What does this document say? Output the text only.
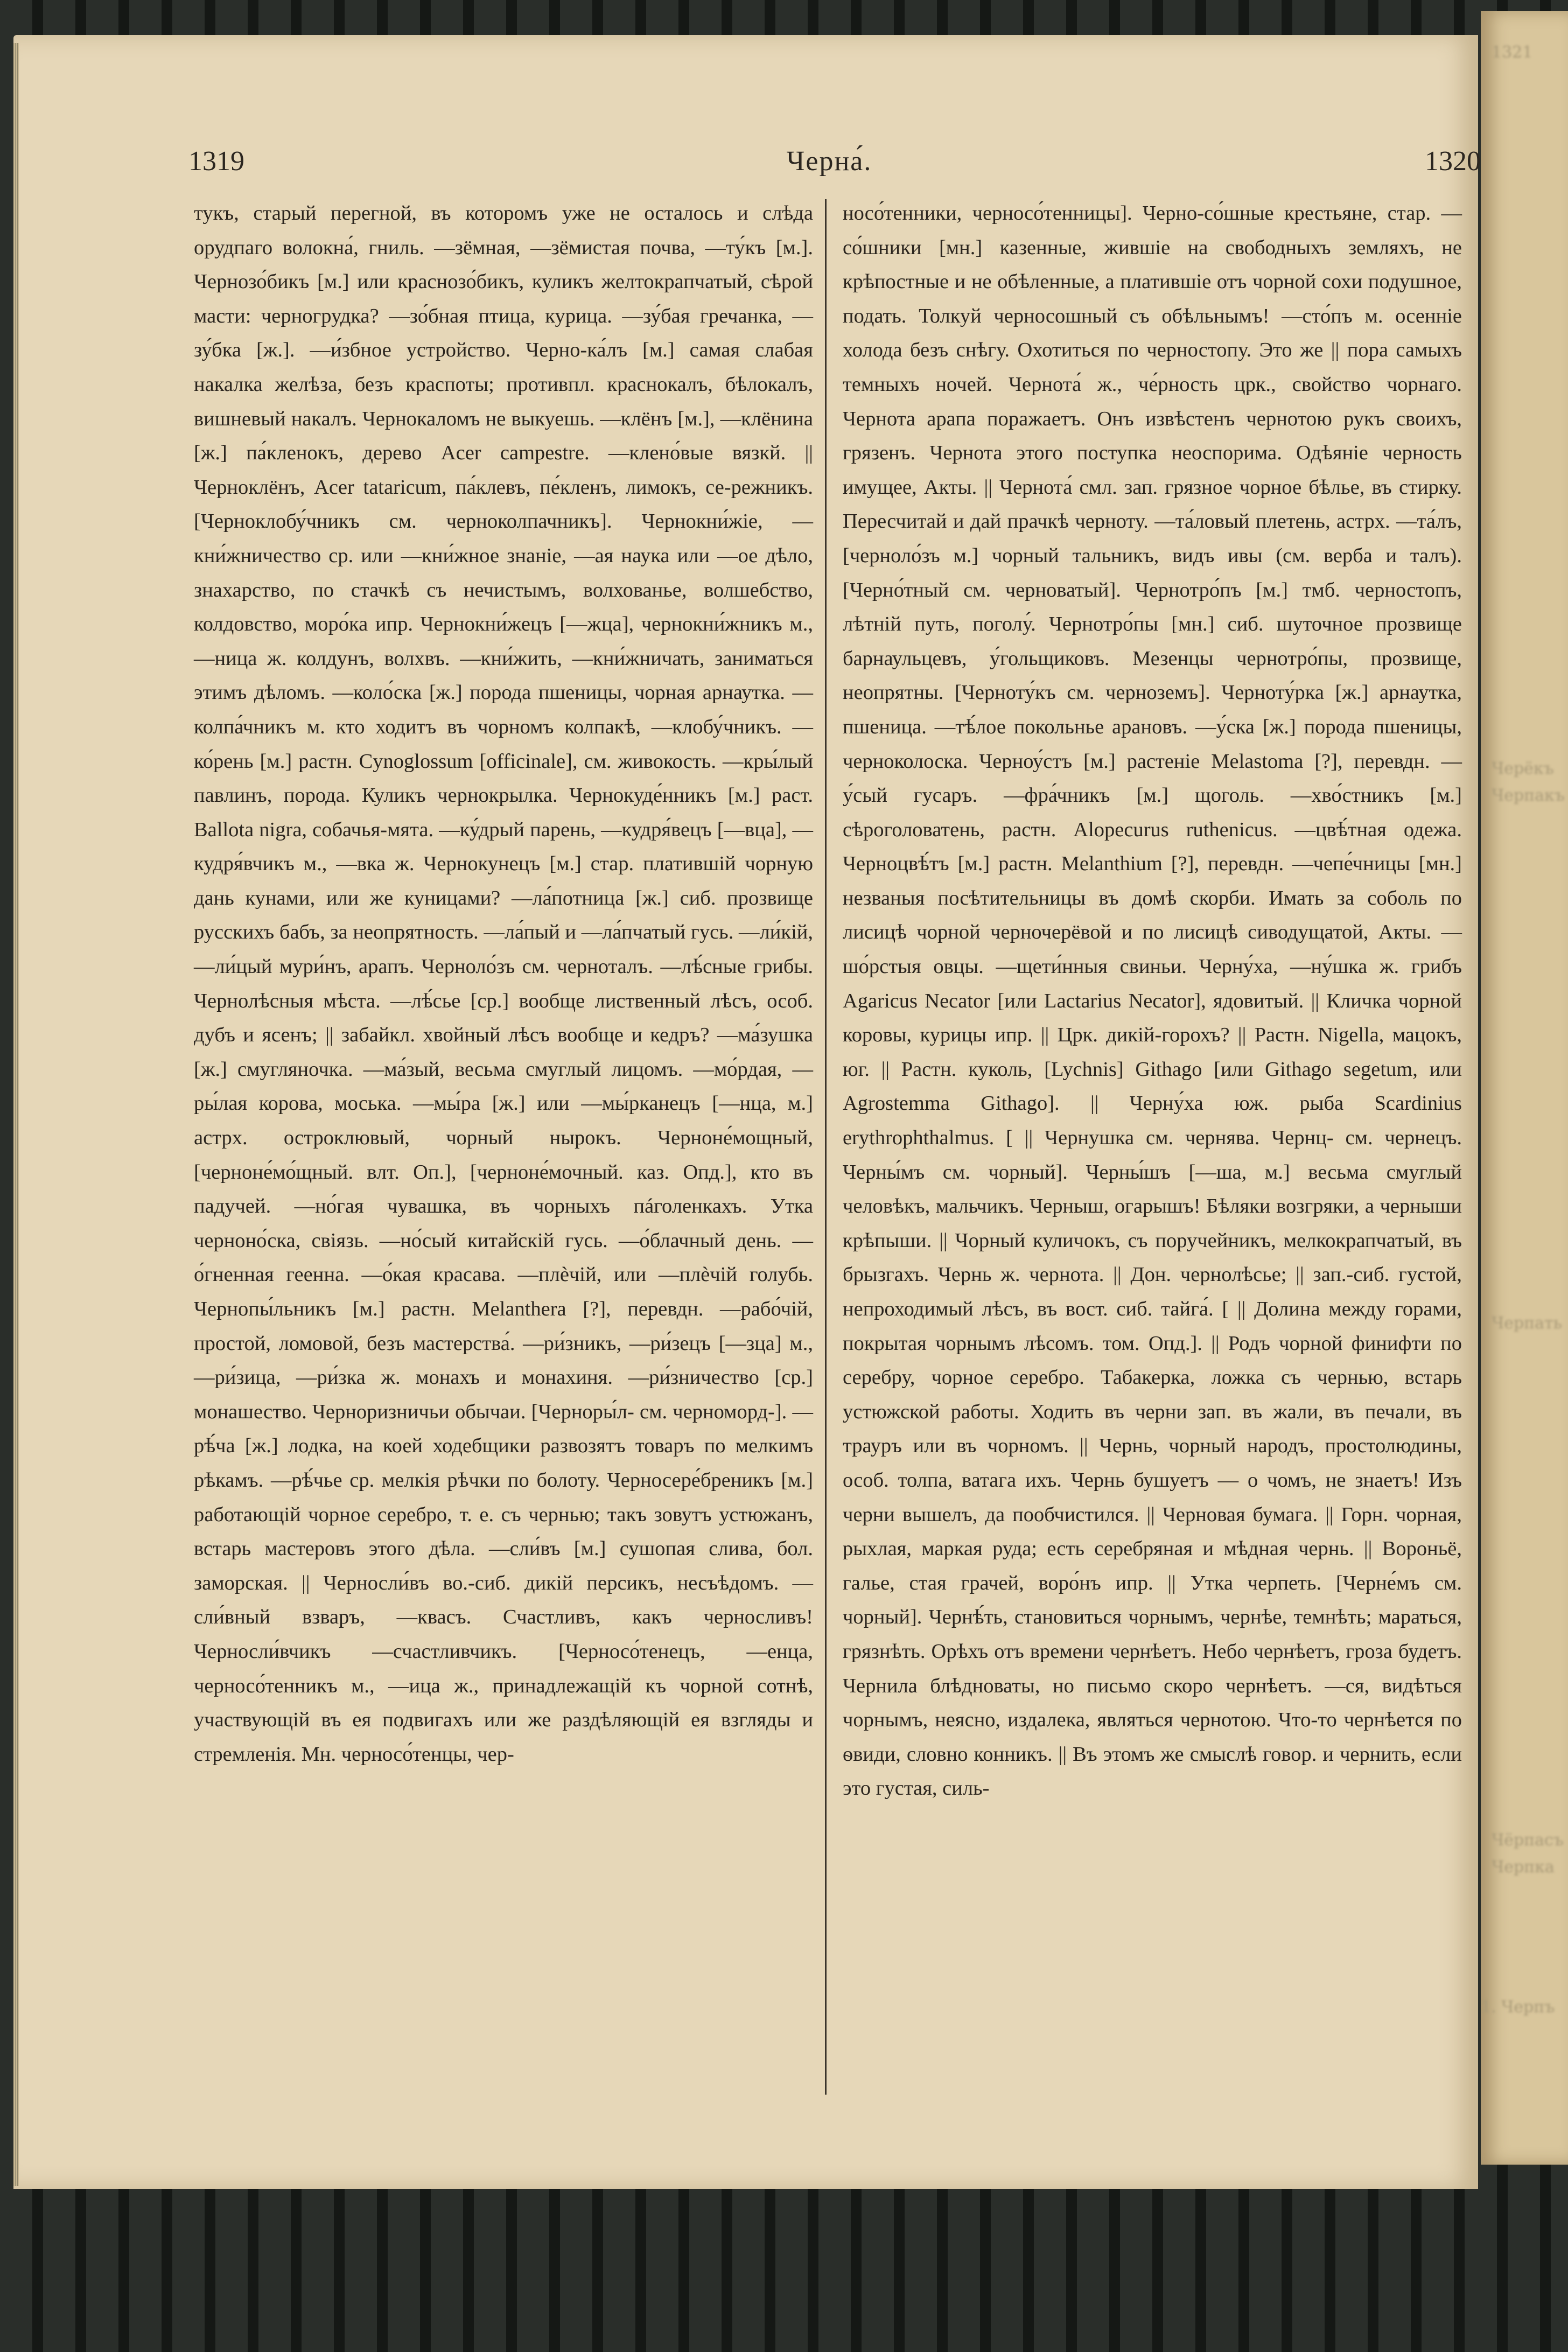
1321
Черёкъ
Черпакъ
Черпать
Чёрпасъ
Черпка
1. Черпъ
1319	Черна́.	1320

тукъ, старый перегной, въ которомъ уже не осталось и слѣда орудпаго волокна́, гниль. —зёмная, —зёмистая почва, —ту́къ [м.]. Чернозо́бикъ [м.] или краснозо́бикъ, куликъ желтокрапчатый, сѣрой масти: черногрудка? —зо́бная птица, курица. —зу́бая гречанка, —зу́бка [ж.]. —и́збное устройство. Черно-ка́лъ [м.] самая слабая накалка желѣза, безъ краспоты; противпл. краснокалъ, бѣлокалъ, вишневый накалъ. Чернокаломъ не выкуешь. —клёнъ [м.], —клёнина [ж.] па́кленокъ, дерево Acer campestre. —клено́вые вязкй. || Черноклёнъ, Acer tataricum, па́клевъ, пе́кленъ, лимокъ, се-режникъ. [Черноклобу́чникъ см. черноколпачникъ]. Чернокни́жіе, —кни́жничество ср. или —кни́жное знаніе, —ая наука или —ое дѣло, знахарство, по стачкѣ съ нечистымъ, волхованье, волшебство, колдовство, моро́ка ипр. Чернокни́жецъ [—жца], чернокни́жникъ м., —ница ж. колдунъ, волхвъ. —кни́жить, —кни́жничать, заниматься этимъ дѣломъ. —коло́ска [ж.] порода пшеницы, чорная арнаутка. —колпа́чникъ м. кто ходитъ въ чорномъ колпакѣ, —клобу́чникъ. —ко́рень [м.] растн. Cynoglossum [officinale], см. живокость. —кры́лый павлинъ, порода. Куликъ чернокрылка. Чернокуде́нникъ [м.] раст. Ballota nigra, собачья-мята. —ку́дрый парень, —кудря́вецъ [—вца], —кудря́вчикъ м., —вка ж. Чернокунецъ [м.] стар. платившій чорную дань кунами, или же куницами? —ла́потница [ж.] сиб. прозвище русскихъ бабъ, за неопрятность. —ла́пый и —ла́пчатый гусь. —ли́кій, —ли́цый мури́нъ, арапъ. Черноло́зъ см. черноталъ. —лѣ́сные грибы. Чернолѣсныя мѣста. —лѣ́сье [ср.] вообще лиственный лѣсъ, особ. дубъ и ясенъ; || забайкл. хвойный лѣсъ вообще и кедръ? —ма́зушка [ж.] смугляночка. —ма́зый, весьма смуглый лицомъ. —мо́рдая, —ры́лая корова, моська. —мы́ра [ж.] или —мы́рканецъ [—нца, м.] астрх. остроклювый, чорный нырокъ. Черноне́мощный, [черноне́мо́щный. влт. Оп.], [черноне́мочный. каз. Опд.], кто въ падучей. —но́гая чувашка, въ чорныхъ пáголенкахъ. Утка черноно́ска, свіязь. —но́сый китайскій гусь. —о́блачный день. —о́гненная геенна. —о́кая красава. —плѐчій, или —плѐчій голубь. Чернопы́льникъ [м.] растн. Melanthera [?], перевдн. —рабо́чій, простой, ломовой, безъ мастерства́. —ри́зникъ, —ри́зецъ [—зца] м., —ри́зица, —ри́зка ж. монахъ и монахиня. —ри́зничество [ср.] монашество. Черноризничьи обычаи. [Черноры́л- см. черноморд-]. —рѣ́ча [ж.] лодка, на коей ходебщики развозятъ товаръ по мелкимъ рѣкамъ. —рѣ́чье ср. мелкія рѣчки по болоту. Черносере́бреникъ [м.] работающій чорное серебро, т. е. съ чернью; такъ зовутъ устюжанъ, встарь мастеровъ этого дѣла. —сли́въ [м.] сушопая слива, бол. заморская. || Черносли́въ во.-сиб. дикій персикъ, несъѣдомъ. —сли́вный взваръ, —квасъ. Счастливъ, какъ черносливъ! Черносли́вчикъ —счастливчикъ. [Черносо́тенецъ, —енца, черносо́тенникъ м., —ица ж., принадлежащій къ чорной сотнѣ, участвующій въ ея подвигахъ или же раздѣляющій ея взгляды и стремленія. Мн. черносо́тенцы, чер-

носо́тенники, черносо́тенницы]. Черно-со́шные крестьяне, стар. —со́шники [мн.] казенные, жившіе на свободныхъ земляхъ, не крѣпостные и не обѣленные, а платившіе отъ чорной сохи подушное, подать. Толкуй черносошный съ обѣльнымъ! —сто́пъ м. осенніе холода безъ снѣгу. Охотиться по черностопу. Это же || пора самыхъ темныхъ ночей. Чернота́ ж., че́рность црк., свойство чорнаго. Чернота арапа поражаетъ. Онъ извѣстенъ чернотою рукъ своихъ, грязенъ. Чернота этого поступка неоспорима. Одѣяніе черность имущее, Акты. || Чернота́ смл. зап. грязное чорное бѣлье, въ стирку. Пересчитай и дай прачкѣ черноту. —та́ловый плетень, астрх. —та́лъ, [черноло́зъ м.] чорный тальникъ, видъ ивы (см. верба и талъ). [Черно́тный см. черноватый]. Чернотро́пъ [м.] тмб. черностопъ, лѣтній путь, поголу́. Чернотро́пы [мн.] сиб. шуточное прозвище барнаульцевъ, у́гольщиковъ. Мезенцы чернотро́пы, прозвище, неопрятны. [Черноту́къ см. черноземъ]. Черноту́рка [ж.] арнаутка, пшеница. —тѣ́лое покольнье арановъ. —у́ска [ж.] порода пшеницы, черноколоска. Черноу́стъ [м.] растеніе Melastoma [?], перевдн. —у́сый гусаръ. —фра́чникъ [м.] щоголь. —хво́стникъ [м.] сѣроголоватень, растн. Alopecurus ruthenicus. —цвѣ́тная одежа. Черноцвѣ́тъ [м.] растн. Melanthium [?], перевдн. —чепе́чницы [мн.] незваныя посѣтительницы въ домѣ скорби. Имать за соболь по лисицѣ чорной черночерёвой и по лисицѣ сиводущатой, Акты. —шо́рстыя овцы. —щети́нныя свиньи. Черну́ха, —ну́шка ж. грибъ Agaricus Necator [или Lactarius Necator], ядовитый. || Кличка чорной коровы, курицы ипр. || Црк. дикій-горохъ? || Растн. Nigella, мацокъ, юг. || Растн. куколь, [Lychnis] Githago [или Githago segetum, или Agrostemma Githago]. || Черну́ха юж. рыба Scardinius erythrophthalmus. [ || Чернушка см. чернява. Чернц- см. чернецъ. Черны́мъ см. чорный]. Черны́шъ [—ша, м.] весьма смуглый человѣкъ, мальчикъ. Черныш, огарышъ! Бѣляки возгряки, а черныши крѣпыши. || Чорный куличокъ, съ поручейникъ, мелкокрапчатый, въ брызгахъ. Чернь ж. чернота. || Дон. чернолѣсье; || зап.-сиб. густой, непроходимый лѣсъ, въ вост. сиб. тайга́. [ || Долина между горами, покрытая чорнымъ лѣсомъ. том. Опд.]. || Родъ чорной финифти по серебру, чорное серебро. Табакерка, ложка съ чернью, встарь устюжской работы. Ходить въ черни зап. въ жали, въ печали, въ трауръ или въ чорномъ. || Чернь, чорный народъ, простолюдины, особ. толпа, ватага ихъ. Чернь бушуетъ — о чомъ, не знаетъ! Изъ черни вышелъ, да пообчистился. || Черновая бумага. || Горн. чорная, рыхлая, маркая руда; есть серебряная и мѣдная чернь. || Вороньё, галье, стая грачей, воро́нъ ипр. || Утка черпеть. [Черне́мъ см. чорный]. Чернѣ́ть, становиться чорнымъ, чернѣе, темнѣть; мараться, грязнѣть. Орѣхъ отъ времени чернѣетъ. Небо чернѣетъ, гроза будетъ. Чернила блѣдноваты, но письмо скоро чернѣетъ. —ся, видѣться чорнымъ, неясно, издалека, являться чернотою. Что-то чернѣется по ѳвиди, словно конникъ. || Въ этомъ же смыслѣ говор. и чернить, если это густая, силь-
